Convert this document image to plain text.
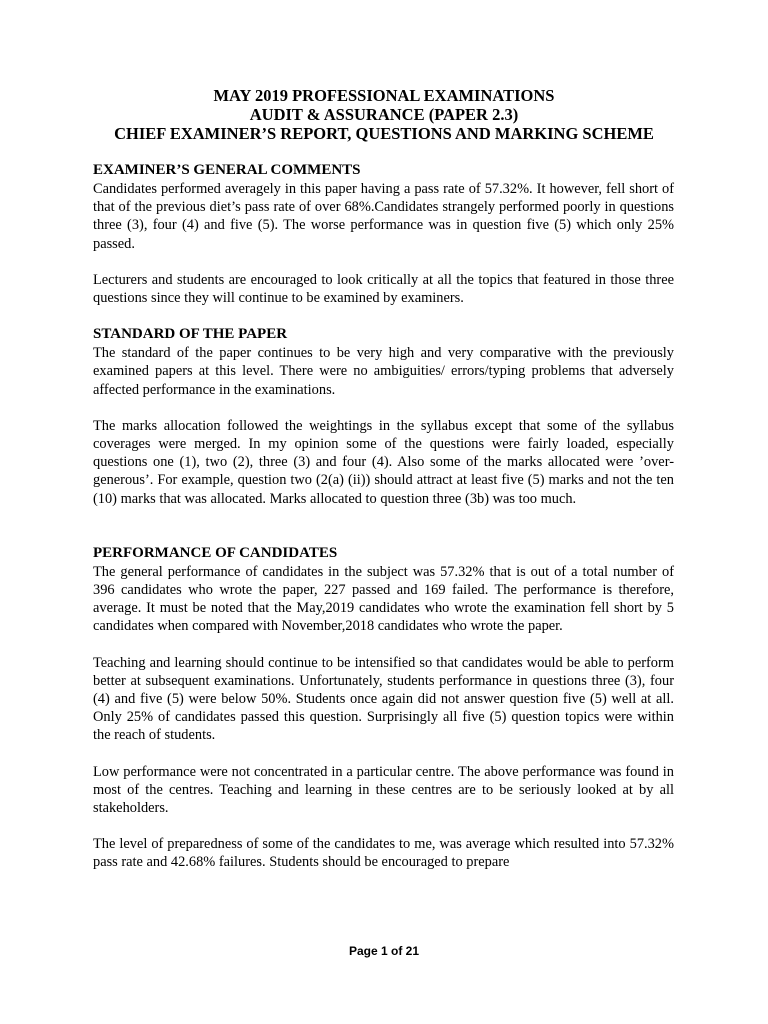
MAY 2019 PROFESSIONAL EXAMINATIONS
AUDIT & ASSURANCE (PAPER 2.3)
CHIEF EXAMINER’S REPORT, QUESTIONS AND MARKING SCHEME
EXAMINER’S GENERAL COMMENTS

Candidates performed averagely in this paper having a pass rate of 57.32%. It however, fell short of that of the previous diet’s pass rate of over 68%.Candidates strangely performed poorly in questions three (3), four (4) and five (5). The worse performance was in question five (5) which only 25% passed.

Lecturers and students are encouraged to look critically at all the topics that featured in those three questions since they will continue to be examined by examiners.

STANDARD OF THE PAPER

The standard of the paper continues to be very high and very comparative with the previously examined papers at this level. There were no ambiguities/ errors/typing problems that adversely affected performance in the examinations.

The marks allocation followed the weightings in the syllabus except that some of the syllabus coverages were merged. In my opinion some of the questions were fairly loaded, especially questions one (1), two (2), three (3) and four (4). Also some of the marks allocated were ’over-generous’. For example, question two (2(a) (ii)) should attract at least five (5) marks and not the ten (10) marks that was allocated. Marks allocated to question three (3b) was too much.

PERFORMANCE OF CANDIDATES

The general performance of candidates in the subject was 57.32% that is out of a total number of 396 candidates who wrote the paper, 227 passed and 169 failed. The performance is therefore, average. It must be noted that the May,2019 candidates who wrote the examination fell short by 5 candidates when compared with November,2018 candidates who wrote the paper.

Teaching and learning should continue to be intensified so that candidates would be able to perform better at subsequent examinations. Unfortunately, students performance in questions three (3), four (4) and five (5) were below 50%. Students once again did not answer question five (5) well at all. Only 25% of candidates passed this question. Surprisingly all five (5) question topics were within the reach of students.

Low performance were not concentrated in a particular centre. The above performance was found in most of the centres. Teaching and learning in these centres are to be seriously looked at by all stakeholders.

The level of preparedness of some of the candidates to me, was average which resulted into 57.32% pass rate and 42.68% failures. Students should be encouraged to prepare

Page 1 of 21
